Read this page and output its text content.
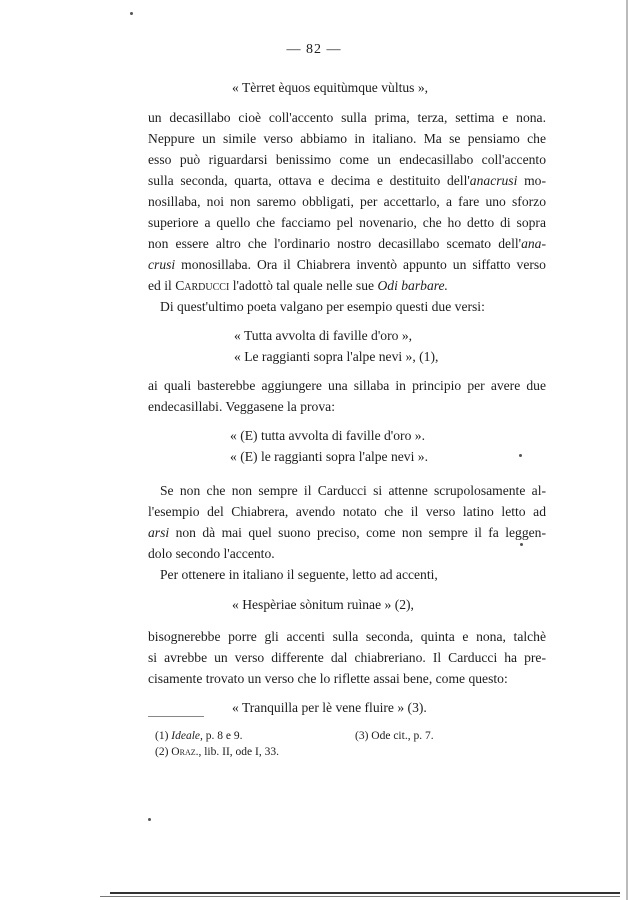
— 82 —
« Tèrret èquos equitùmque vùltus »,
un decasillabo cioè coll'accento sulla prima, terza, settima e nona.
Neppure un simile verso abbiamo in italiano. Ma se pensiamo che
esso può riguardarsi benissimo come un endecasillabo coll'accento
sulla seconda, quarta, ottava e decima e destituito dell'anacrusi mo-
nosillaba, noi non saremo obbligati, per accettarlo, a fare uno sforzo
superiore a quello che facciamo pel novenario, che ho detto di sopra
non essere altro che l'ordinario nostro decasillabo scemato dell'ana-
crusi monosillaba. Ora il Chiabrera inventò appunto un siffatto verso
ed il Carducci l'adottò tal quale nelle sue Odi barbare.
Di quest'ultimo poeta valgano per esempio questi due versi:
« Tutta avvolta di faville d'oro »,
« Le raggianti sopra l'alpe nevi », (1),
ai quali basterebbe aggiungere una sillaba in principio per avere due
endecasillabi. Veggasene la prova:
« (E) tutta avvolta di faville d'oro ».
« (E) le raggianti sopra l'alpe nevi ».
Se non che non sempre il Carducci si attenne scrupolosamente al-
l'esempio del Chiabrera, avendo notato che il verso latino letto ad
arsi non dà mai quel suono preciso, come non sempre il fa leggen-
dolo secondo l'accento.
Per ottenere in italiano il seguente, letto ad accenti,
« Hespèriae sònitum ruìnae » (2),
bisognerebbe porre gli accenti sulla seconda, quinta e nona, talchè
si avrebbe un verso differente dal chiabreriano. Il Carducci ha pre-
cisamente trovato un verso che lo riflette assai bene, come questo:
« Tranquilla per lè vene fluire » (3).
(1) Ideale, p. 8 e 9.	(3) Ode cit., p. 7.
(2) Oraz., lib. II, ode I, 33.
